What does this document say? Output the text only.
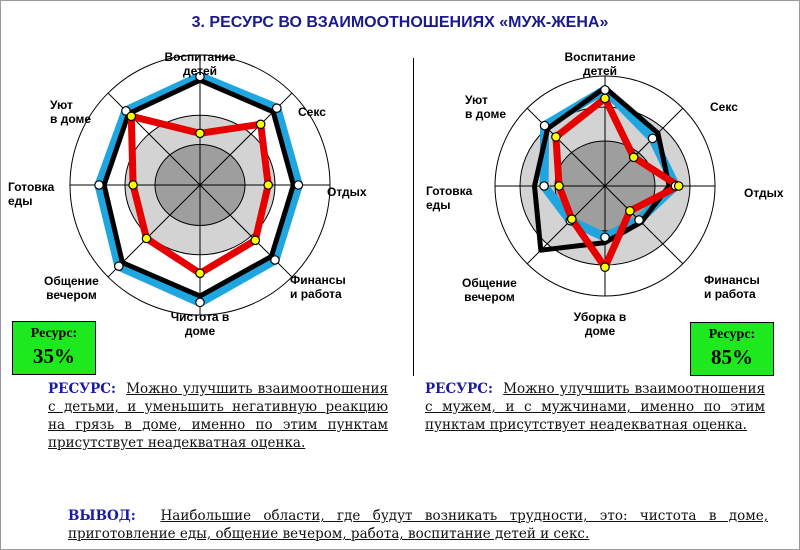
3. РЕСУРС ВО ВЗАИМООТНОШЕНИЯХ «МУЖ-ЖЕНА»
Воспитание
детей
Секс
Отдых
Финансы
и работа
Чистота в
доме
Общение
вечером
Готовка
еды
Уют
в доме
Ресурс:
35%
Воспитание
детей
Секс
Отдых
Финансы
и работа
Уборка в
доме
Общение
вечером
Готовка
еды
Уют
в доме
Ресурс:
85%
РЕСУРС: Можно улучшить взаимоотношения с детьми, и уменьшить негативную реакцию на грязь в доме, именно по этим пунктам присутствует неадекватная оценка.
РЕСУРС: Можно улучшить взаимоотношения с мужем, и с мужчинами, именно по этим пунктам присутствует неадекватная оценка.
ВЫВОД: Наибольшие области, где будут возникать трудности, это: чистота в доме, приготовление еды, общение вечером, работа, воспитание детей и секс.
